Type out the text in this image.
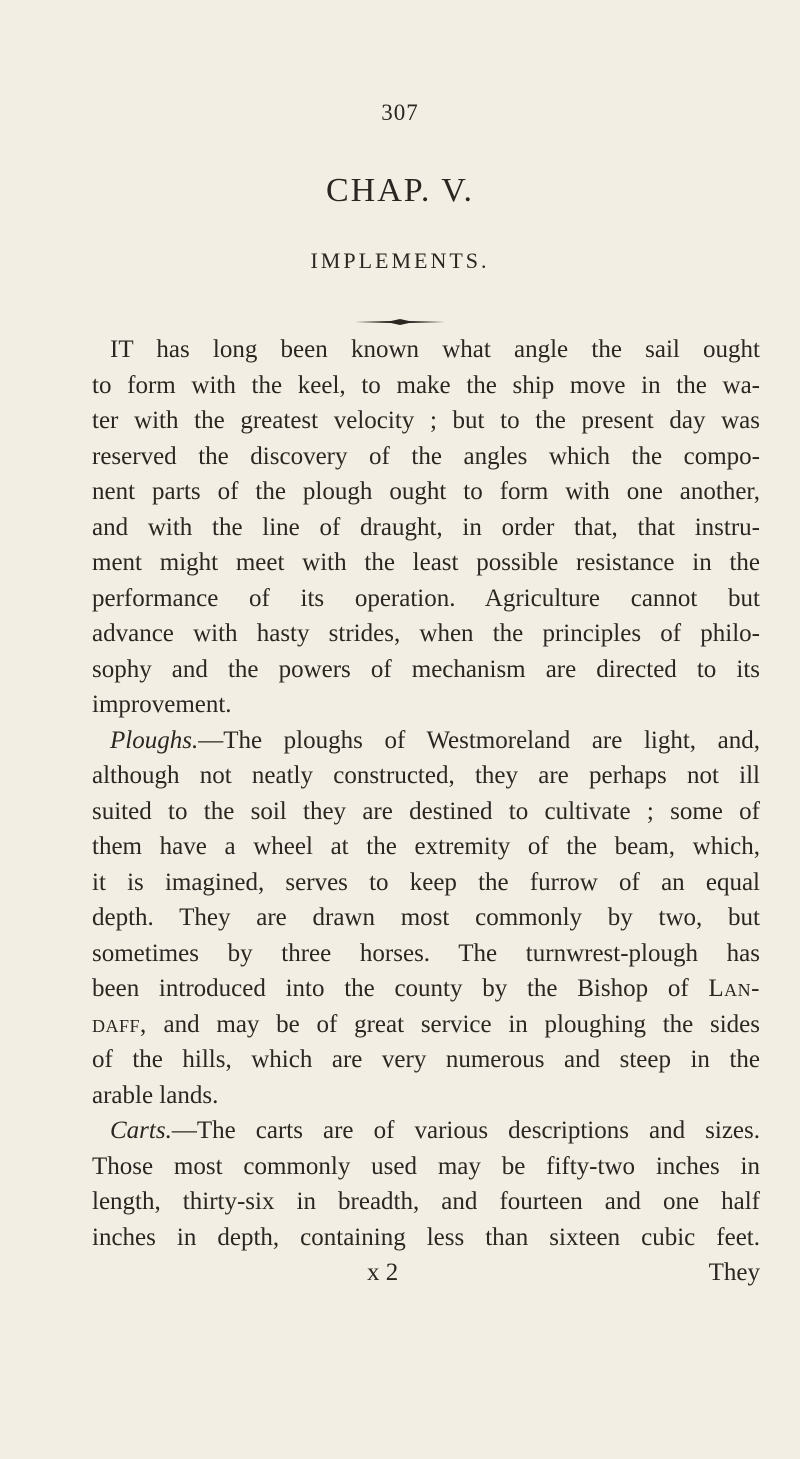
307
CHAP. V.
IMPLEMENTS.
IT has long been known what angle the sail ought
to form with the keel, to make the ship move in the wa-
ter with the greatest velocity ; but to the present day was
reserved the discovery of the angles which the compo-
nent parts of the plough ought to form with one another,
and with the line of draught, in order that, that instru-
ment might meet with the least possible resistance in the
performance of its operation. Agriculture cannot but
advance with hasty strides, when the principles of philo-
sophy and the powers of mechanism are directed to its
improvement.
Ploughs.—The ploughs of Westmoreland are light, and,
although not neatly constructed, they are perhaps not ill
suited to the soil they are destined to cultivate ; some of
them have a wheel at the extremity of the beam, which,
it is imagined, serves to keep the furrow of an equal
depth. They are drawn most commonly by two, but
sometimes by three horses. The turnwrest-plough has
been introduced into the county by the Bishop of Lan-
daff, and may be of great service in ploughing the sides
of the hills, which are very numerous and steep in the
arable lands.
Carts.—The carts are of various descriptions and sizes.
Those most commonly used may be fifty-two inches in
length, thirty-six in breadth, and fourteen and one half
inches in depth, containing less than sixteen cubic feet.
x 2	They
